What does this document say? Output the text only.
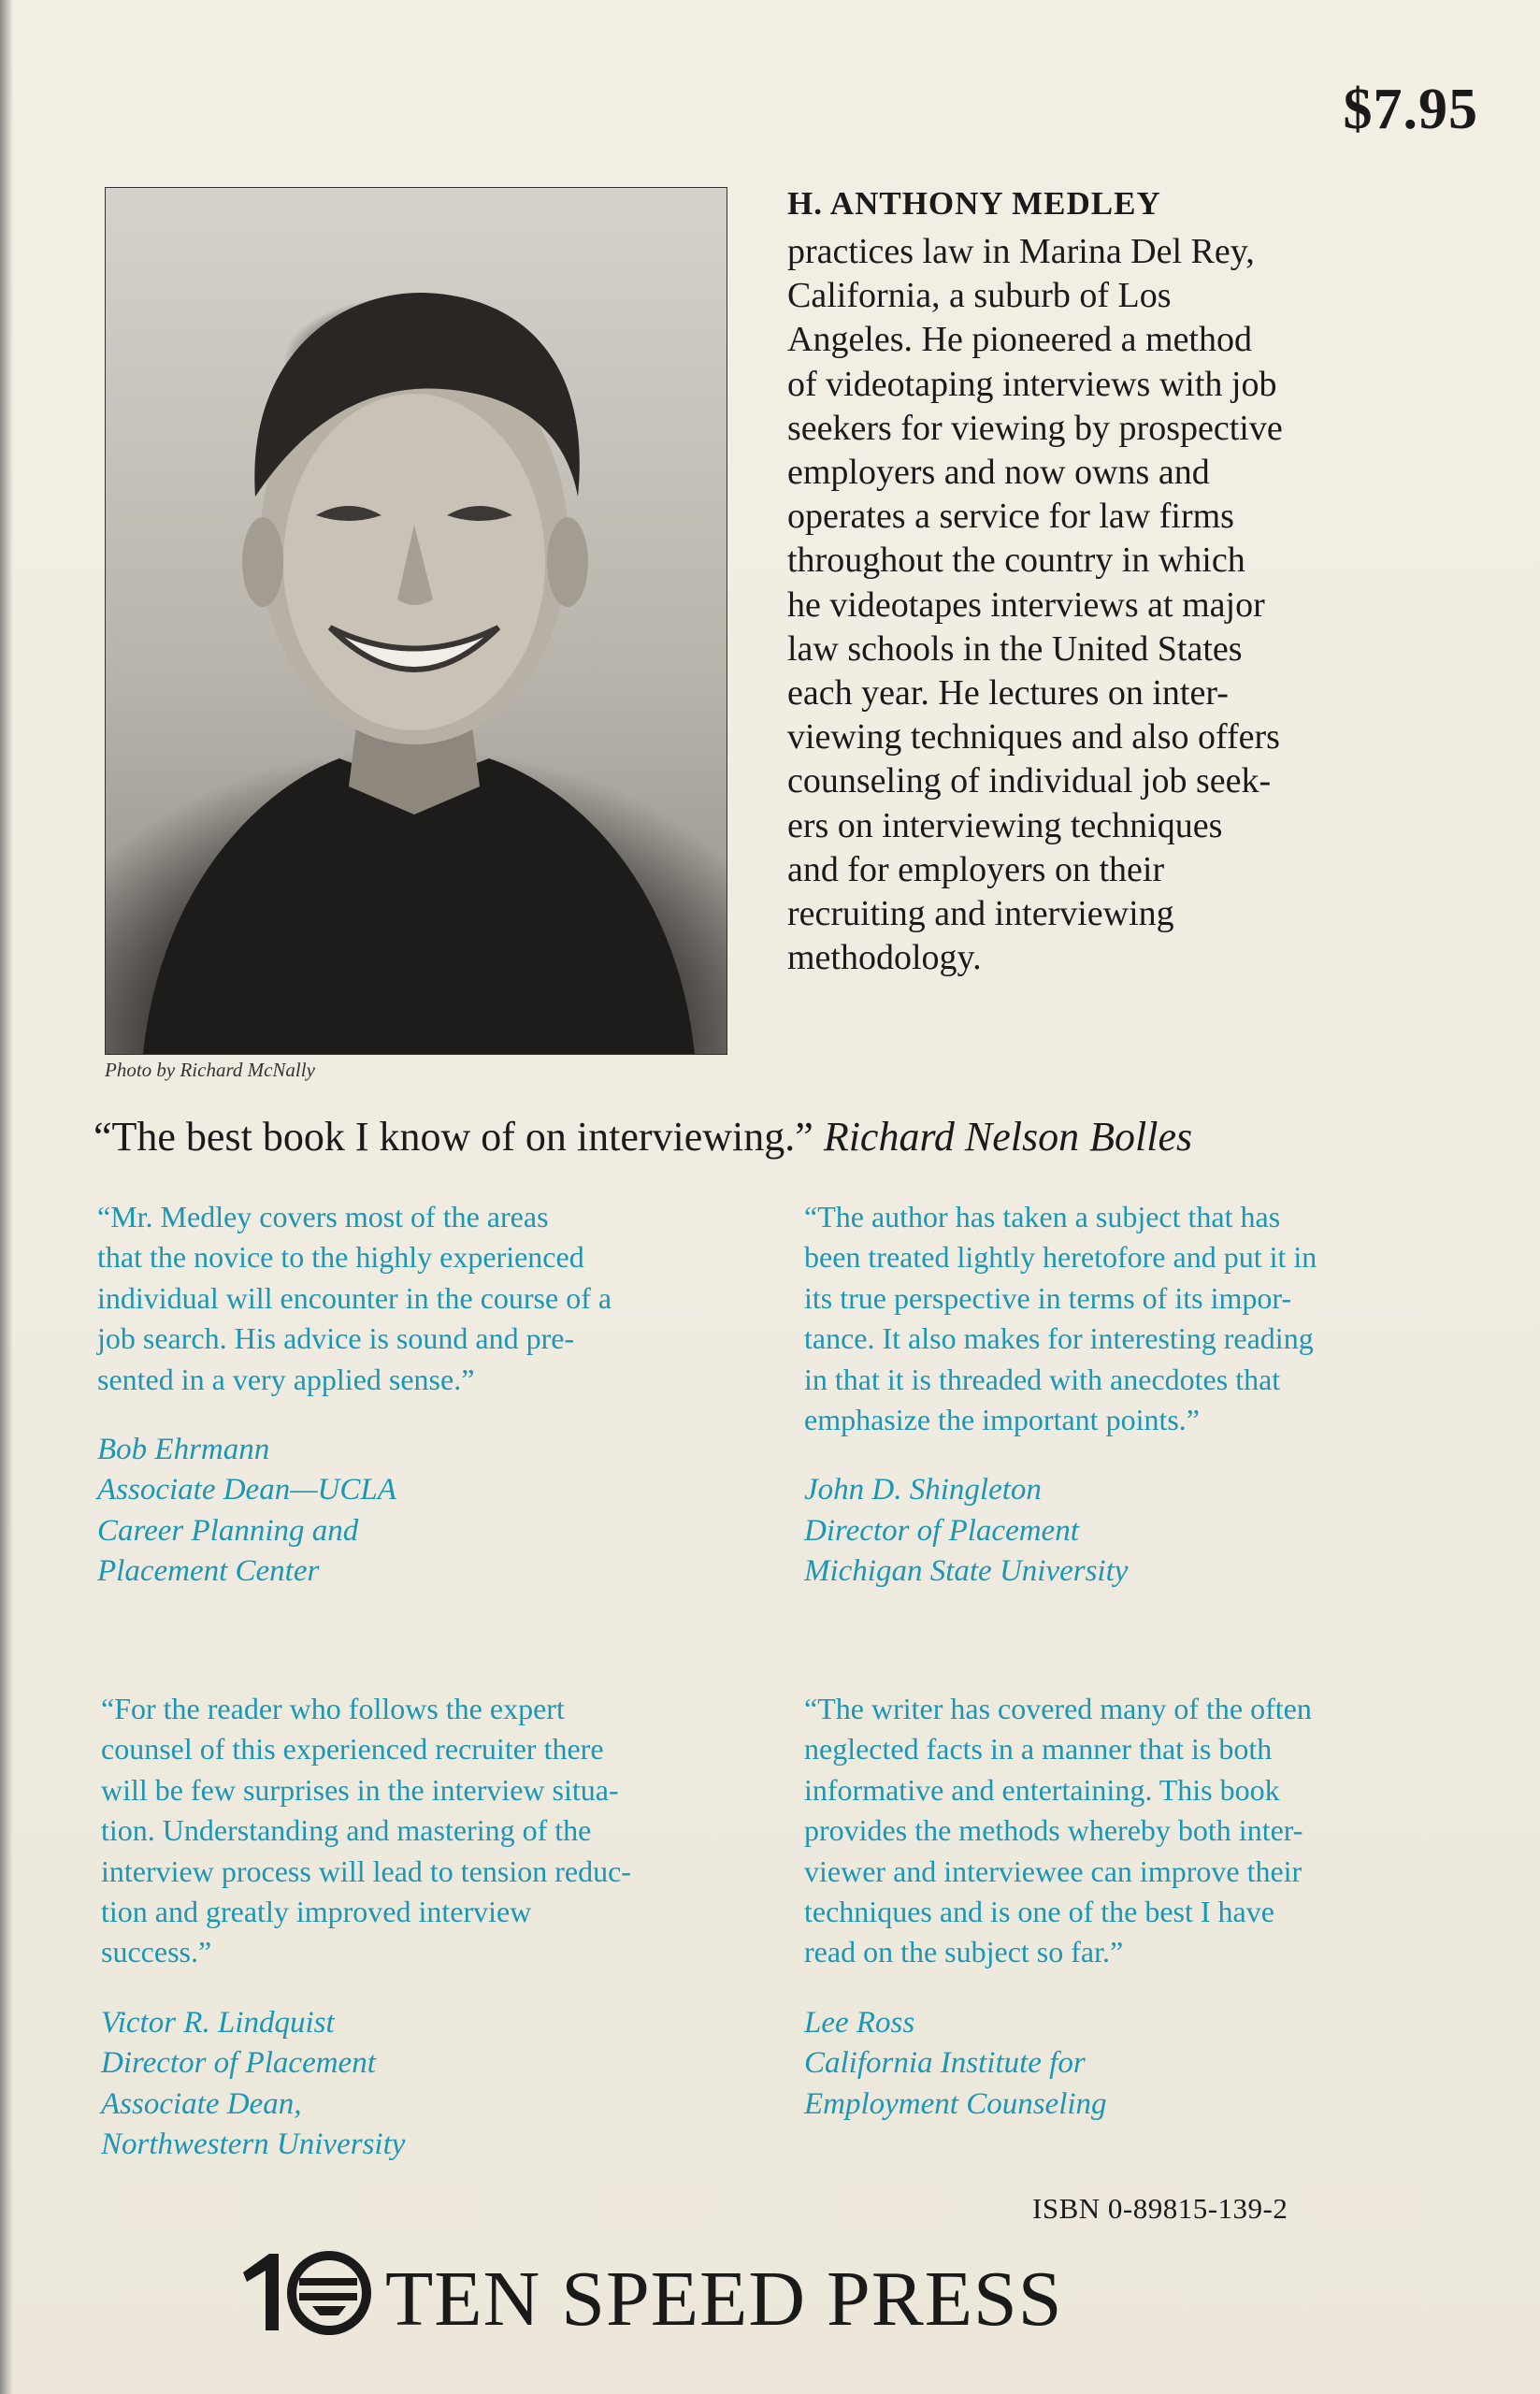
$7.95
Photo by Richard McNally
H. ANTHONY MEDLEY
practices law in Marina Del Rey,
California, a suburb of Los
Angeles. He pioneered a method
of videotaping interviews with job
seekers for viewing by prospective
employers and now owns and
operates a service for law firms
throughout the country in which
he videotapes interviews at major
law schools in the United States
each year. He lectures on inter-
viewing techniques and also offers
counseling of individual job seek-
ers on interviewing techniques
and for employers on their
recruiting and interviewing
methodology.
“The best book I know of on interviewing.” Richard Nelson Bolles

“Mr. Medley covers most of the areas
that the novice to the highly experienced
individual will encounter in the course of a
job search. His advice is sound and pre-
sented in a very applied sense.”

Bob Ehrmann
Associate Dean—UCLA
Career Planning and
Placement Center

“The author has taken a subject that has
been treated lightly heretofore and put it in
its true perspective in terms of its impor-
tance. It also makes for interesting reading
in that it is threaded with anecdotes that
emphasize the important points.”

John D. Shingleton
Director of Placement
Michigan State University

“For the reader who follows the expert
counsel of this experienced recruiter there
will be few surprises in the interview situa-
tion. Understanding and mastering of the
interview process will lead to tension reduc-
tion and greatly improved interview
success.”

Victor R. Lindquist
Director of Placement
Associate Dean,
Northwestern University

“The writer has covered many of the often
neglected facts in a manner that is both
informative and entertaining. This book
provides the methods whereby both inter-
viewer and interviewee can improve their
techniques and is one of the best I have
read on the subject so far.”

Lee Ross
California Institute for
Employment Counseling

ISBN 0-89815-139-2
TEN SPEED PRESS
